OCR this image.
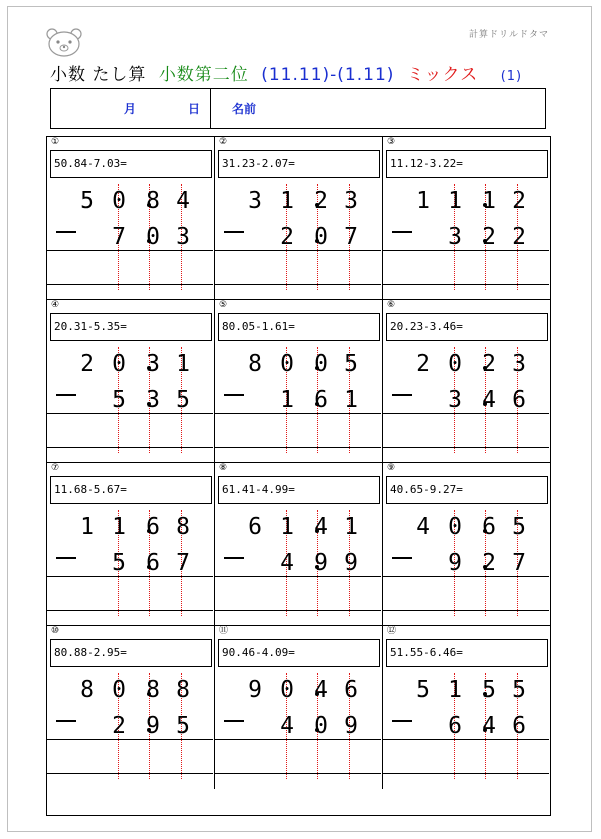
計算ドリルドタマ
小数 たし算 小数第二位 (11.11)-(1.11) ミックス (1)
月	日	名前
①
50.84-7.03=
5 0
7
8
0
4
3
②
31.23-2.07=
3 1
2
2
0
3
7
③
11.12-3.22=
1 1
3
1
2
2
2
④
20.31-5.35=
2 0
5
3
3
1
5
⑤
80.05-1.61=
8 0
1
0
6
5
1
⑥
20.23-3.46=
2 0
3
2
4
3
6
⑦
11.68-5.67=
1 1
5
6
6
8
7
⑧
61.41-4.99=
6 1
4
4
9
1
9
⑨
40.65-9.27=
4 0
9
6
2
5
7
⑩
80.88-2.95=
8 0
2
8
9
8
5
⑪
90.46-4.09=
9 0
4
4
0
6
9
⑫
51.55-6.46=
5 1
6
5
4
5
6
